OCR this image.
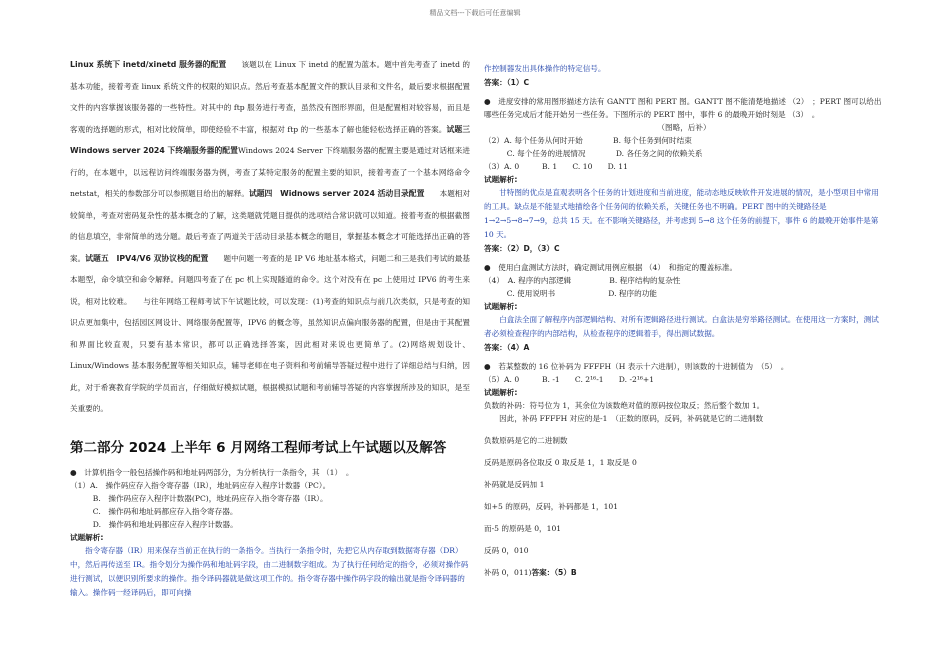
精品文档---下载后可任意编辑

Linux 系统下 inetd/xinetd 服务器的配置　　该题以在 Linux 下 inetd 的配置为蓝本。题中首先考查了 inetd 的基本功能，接着考查 linux 系统文件的权限的知识点。然后考查基本配置文件的默认目录和文件名，最后要求根据配置文件的内容掌握该服务器的一些特性。对其中的 ftp 服务进行考查，虽然没有图形界面，但是配置相对较容易，而且是客观的选择题的形式，相对比较简单，即使经验不丰富，根据对 ftp 的一些基本了解也能轻松选择正确的答案。试题三　Windows server 2024 下终端服务器的配置Windows 2024 Server 下终端服务器的配置主要是通过对话框来进行的，在本题中，以远程访问终端服务器为例，考查了某特定服务的配置主要的知识，接着考查了一个基本网络命令 netstat，相关的参数部分可以参照题目给出的解释。试题四　Widnows server 2024 活动目录配置　　本题相对较简单，考查对密码复杂性的基本概念的了解，这类题就凭题目提供的选项结合常识就可以知道。接着考查的根据截图的信息填空，非常简单的选分题。最后考查了两道关于活动目录基本概念的题目，掌握基本概念才可能选择出正确的答案。试题五　IPV4/V6 双协议栈的配置　　题中问题一考查的是 IP V6 地址基本格式，问题二和三是我们考试的最基本题型，命令填空和命令解释。问题四考查了在 pc 机上实现隧道的命令。这个对没有在 pc 上使用过 IPV6 的考生来说，相对比较难。　　与往年网络工程师考试下午试题比较，可以发现：(1)考查的知识点与前几次类似，只是考查的知识点更加集中，包括园区网设计、网络服务配置等，IPV6 的概念等，虽然知识点偏向服务器的配置，但是由于其配置和界面比较直观，只要有基本常识，都可以正确选择答案，因此相对来说也更简单了。(2)网络规划设计、Linux/Windows 基本服务配置等相关知识点，辅导老师在电子资料和考前辅导答疑过程中进行了详细总结与归纳，因此，对于希赛教育学院的学员而言，仔细做好模拟试题，根据模拟试题和考前辅导答疑的内容掌握所涉及的知识，是至关重要的。

第二部分 2024 上半年 6 月网络工程师考试上午试题以及解答

●　计算机指令一般包括操作码和地址码两部分，为分析执行一条指令，其 （1）　。

（1）A.　操作码应存入指令寄存器（IR），地址码应存入程序计数器（PC）。

　　　B.　操作码应存入程序计数器(PC)，地址码应存入指令寄存器（IR）。

　　　C.　操作码和地址码都应存入指令寄存器。

　　　D.　操作码和地址码都应存入程序计数器。

试题解析:

　　指令寄存器（IR）用来保存当前正在执行的一条指令。当执行一条指令时，先把它从内存取到数据寄存器（DR）中，然后再传送至 IR。指令划分为操作码和地址码字段，由二进制数字组成。为了执行任何给定的指令，必须对操作码进行测试，以便识别所要求的操作。指令译码器就是做这项工作的。指令寄存器中操作码字段的输出就是指令译码器的输入。操作码一经译码后，即可向操

作控制器发出具体操作的特定信号。

答案：（1）C

●　进度安排的常用图形描述方法有 GANTT 图和 PERT 图。GANTT 图不能清楚地描述 （2）　；PERT 图可以给出哪些任务完成后才能开始另一些任务。下图所示的 PERT 图中，事件 6 的最晚开始时刻是 （3）　。

（图略，后补）

（2）A. 每个任务从何时开始　　　　B. 每个任务到何时结束

　　　C. 每个任务的进展情况　　　　D. 各任务之间的依赖关系

（3）A. 0　　　B. 1　　C. 10　　D. 11

试题解析:

　　甘特图的优点是直观表明各个任务的计划进度和当前进度，能动态地反映软件开发进展的情况，是小型项目中常用的工具。缺点是不能显式地描绘各个任务间的依赖关系，关键任务也不明确。PERT 图中的关键路径是 1→2→5→8→7→9，总共 15 天。在不影响关键路径，并考虑到 5→8 这个任务的前提下，事件 6 的最晚开始事件是第 10 天。

答案：（2）D，（3）C

●　使用白盒测试方法时，确定测试用例应根据 （4）　和指定的覆盖标准。

（4）　A. 程序的内部逻辑　　　　　B. 程序结构的复杂性

　　　C. 使用说明书　　　　　　　D. 程序的功能

试题解析:

　　白盒法全面了解程序内部逻辑结构、对所有逻辑路径进行测试。白盒法是穷举路径测试。在使用这一方案时，测试者必须检查程序的内部结构，从检查程序的逻辑着手，得出测试数据。

答案：（4）A

●　若某整数的 16 位补码为 FFFFH（H 表示十六进制），则该数的十进制值为　（5）　。

（5）A. 0　　　B. -1　　C. 2¹⁶-1　　D. -2¹⁶+1

试题解析:

负数的补码：符号位为 1，其余位为该数绝对值的原码按位取反；然后整个数加 1。

　　因此，补码 FFFFH 对应的是-1　（正数的原码，反码，补码就是它的二进制数

负数原码是它的二进制数

反码是原码各位取反 0 取反是 1，1 取反是 0

补码就是反码加 1

如+5 的原码，反码，补码都是 1，101

而-5 的原码是 0，101

反码 0，010

补码 0，011)答案：（5）B
